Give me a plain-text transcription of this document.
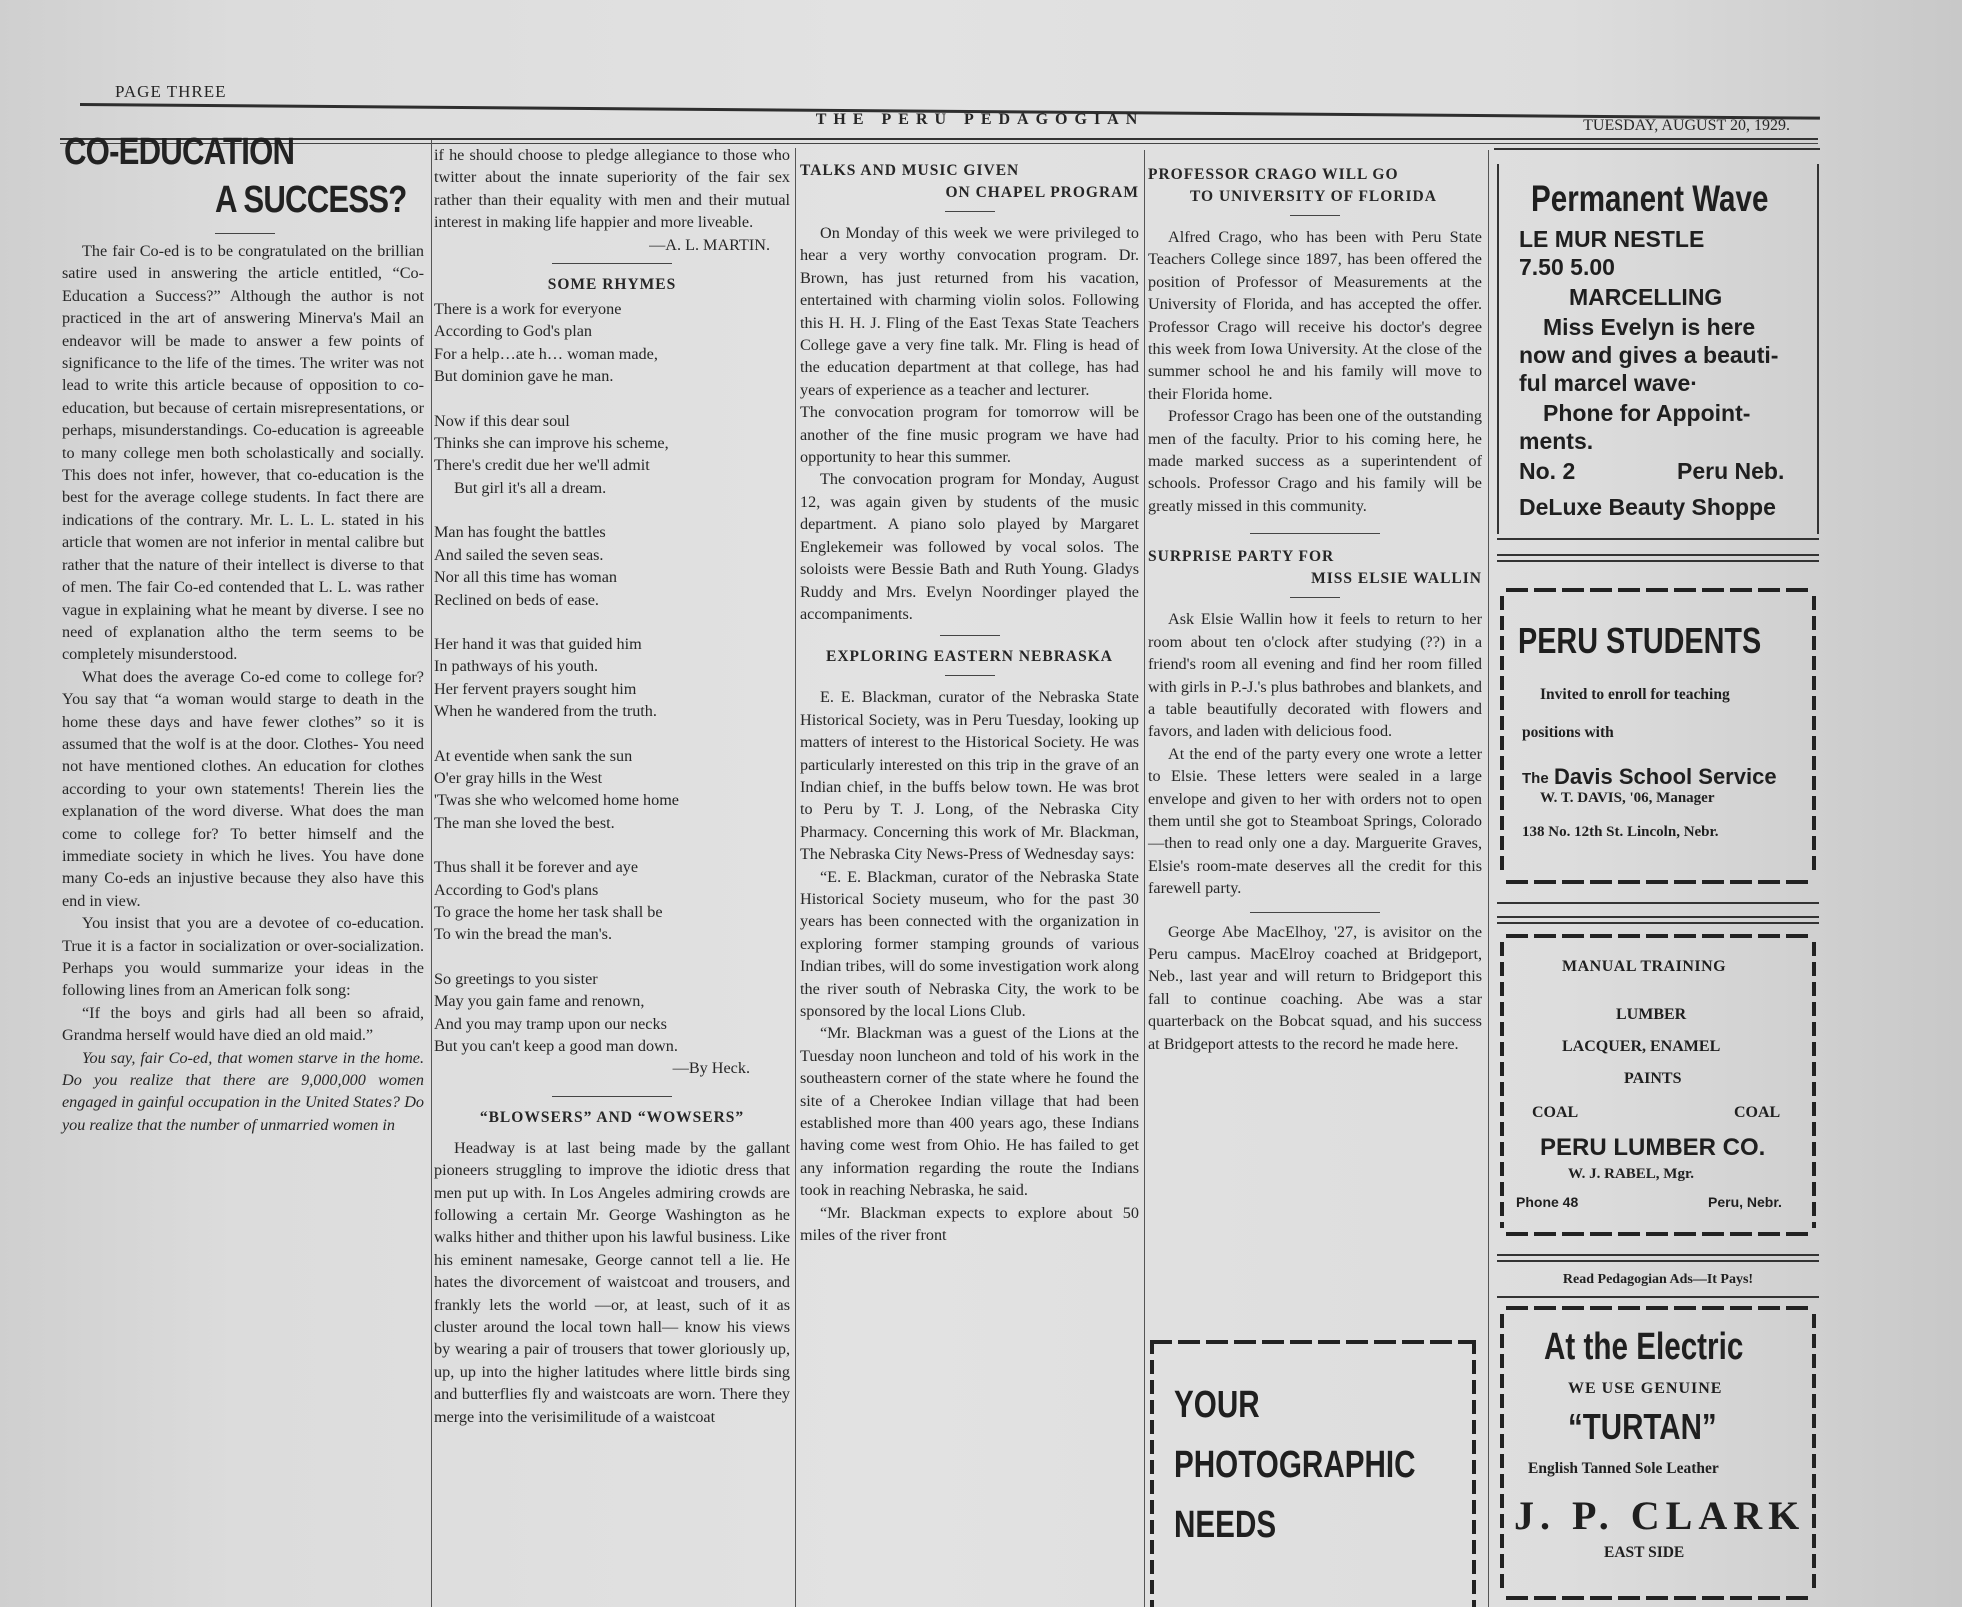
PAGE THREE
THE PERU PEDAGOGIAN	TUESDAY, AUGUST 20, 1929.
CO-EDUCATION
A SUCCESS?

The fair Co-ed is to be congratulated on the brillian satire used in answering the article entitled, “Co-Education a Success?” Although the author is not practiced in the art of answering Minerva's Mail an endeavor will be made to answer a few points of significance to the life of the times. The writer was not lead to write this article because of opposition to co-education, but because of certain misrepresentations, or perhaps, misunderstandings. Co-education is agreeable to many college men both scholastically and socially. This does not infer, however, that co-education is the best for the average college students. In fact there are indications of the contrary. Mr. L. L. L. stated in his article that women are not inferior in mental calibre but rather that the nature of their intellect is diverse to that of men. The fair Co-ed contended that L. L. was rather vague in explaining what he meant by diverse. I see no need of explanation altho the term seems to be completely misunderstood.

What does the average Co-ed come to college for? You say that “a woman would starge to death in the home these days and have fewer clothes” so it is assumed that the wolf is at the door. Clothes- You need not have mentioned clothes. An education for clothes according to your own statements! Therein lies the explanation of the word diverse. What does the man come to college for? To better himself and the immediate society in which he lives. You have done many Co-eds an injustive because they also have this end in view.

You insist that you are a devotee of co-education. True it is a factor in socialization or over-socialization. Perhaps you would summarize your ideas in the following lines from an American folk song:

“If the boys and girls had all been so afraid, Grandma herself would have died an old maid.”

You say, fair Co-ed, that women starve in the home. Do you realize that there are 9,000,000 women engaged in gainful occupation in the United States? Do you realize that the number of unmarried women in

if he should choose to pledge allegiance to those who twitter about the innate superiority of the fair sex rather than their equality with men and their mutual interest in making life happier and more liveable.

—A. L. MARTIN.
SOME RHYMES

There is a work for everyone

According to God's plan

For a help…ate h… woman made,

But dominion gave he man.

Now if this dear soul

Thinks she can improve his scheme,

There's credit due her we'll admit

But girl it's all a dream.

Man has fought the battles

And sailed the seven seas.

Nor all this time has woman

Reclined on beds of ease.

Her hand it was that guided him

In pathways of his youth.

Her fervent prayers sought him

When he wandered from the truth.

At eventide when sank the sun

O'er gray hills in the West

'Twas she who welcomed home home

The man she loved the best.

Thus shall it be forever and aye

According to God's plans

To grace the home her task shall be

To win the bread the man's.

So greetings to you sister

May you gain fame and renown,

And you may tramp upon our necks

But you can't keep a good man down.

—By Heck.
“BLOWSERS” AND “WOWSERS”

Headway is at last being made by the gallant pioneers struggling to improve the idiotic dress that men put up with. In Los Angeles admiring crowds are following a certain Mr. George Washington as he walks hither and thither upon his lawful business. Like his eminent namesake, George cannot tell a lie. He hates the divorcement of waistcoat and trousers, and frankly lets the world —or, at least, such of it as cluster around the local town hall— know his views by wearing a pair of trousers that tower gloriously up, up, up into the higher latitudes where little birds sing and butterflies fly and waistcoats are worn. There they merge into the verisimilitude of a waistcoat

TALKS AND MUSIC GIVEN
ON CHAPEL PROGRAM

On Monday of this week we were privileged to hear a very worthy convocation program. Dr. Brown, has just returned from his vacation, entertained with charming violin solos. Following this H. H. J. Fling of the East Texas State Teachers College gave a very fine talk. Mr. Fling is head of the education department at that college, has had years of experience as a teacher and lecturer.

The convocation program for tomorrow will be another of the fine music program we have had opportunity to hear this summer.

The convocation program for Monday, August 12, was again given by students of the music department. A piano solo played by Margaret Englekemeir was followed by vocal solos. The soloists were Bessie Bath and Ruth Young. Gladys Ruddy and Mrs. Evelyn Noordinger played the accompaniments.

EXPLORING EASTERN NEBRASKA

E. E. Blackman, curator of the Nebraska State Historical Society, was in Peru Tuesday, looking up matters of interest to the Historical Society. He was particularly interested on this trip in the grave of an Indian chief, in the buffs below town. He was brot to Peru by T. J. Long, of the Nebraska City Pharmacy. Concerning this work of Mr. Blackman, The Nebraska City News-Press of Wednesday says:

“E. E. Blackman, curator of the Nebraska State Historical Society museum, who for the past 30 years has been connected with the organization in exploring former stamping grounds of various Indian tribes, will do some investigation work along the river south of Nebraska City, the work to be sponsored by the local Lions Club.

“Mr. Blackman was a guest of the Lions at the Tuesday noon luncheon and told of his work in the southeastern corner of the state where he found the site of a Cherokee Indian village that had been established more than 400 years ago, these Indians having come west from Ohio. He has failed to get any information regarding the route the Indians took in reaching Nebraska, he said.

“Mr. Blackman expects to explore about 50 miles of the river front

PROFESSOR CRAGO WILL GO
TO UNIVERSITY OF FLORIDA

Alfred Crago, who has been with Peru State Teachers College since 1897, has been offered the position of Professor of Measurements at the University of Florida, and has accepted the offer. Professor Crago will receive his doctor's degree this week from Iowa University. At the close of the summer school he and his family will move to their Florida home.

Professor Crago has been one of the outstanding men of the faculty. Prior to his coming here, he made marked success as a superintendent of schools. Professor Crago and his family will be greatly missed in this community.

SURPRISE PARTY FOR
MISS ELSIE WALLIN

Ask Elsie Wallin how it feels to return to her room about ten o'clock after studying (??) in a friend's room all evening and find her room filled with girls in P.-J.'s plus bathrobes and blankets, and a table beautifully decorated with flowers and favors, and laden with delicious food.

At the end of the party every one wrote a letter to Elsie. These letters were sealed in a large envelope and given to her with orders not to open them until she got to Steamboat Springs, Colorado—then to read only one a day. Marguerite Graves, Elsie's room-mate deserves all the credit for this farewell party.

George Abe MacElhoy, '27, is avisitor on the Peru campus. MacElroy coached at Bridgeport, Neb., last year and will return to Bridgeport this fall to continue coaching. Abe was a star quarterback on the Bobcat squad, and his success at Bridgeport attests to the record he made here.

YOUR
PHOTOGRAPHIC
NEEDS
Permanent Wave
LE MUR NESTLE
7.50 5.00
MARCELLING
Miss Evelyn is here
now and gives a beauti-
ful marcel wave·
Phone for Appoint-
ments.
No. 2	Peru Neb.
DeLuxe Beauty Shoppe
PERU STUDENTS
Invited to enroll for teaching
positions with
The Davis School Service
W. T. DAVIS, '06, Manager
138 No. 12th St. Lincoln, Nebr.
MANUAL TRAINING
LUMBER
LACQUER, ENAMEL
PAINTS
COAL	COAL
PERU LUMBER CO.
W. J. RABEL, Mgr.
Phone 48	Peru, Nebr.
Read Pedagogian Ads—It Pays!
At the Electric
WE USE GENUINE
“TURTAN”
English Tanned Sole Leather
J. P. CLARK
EAST SIDE
